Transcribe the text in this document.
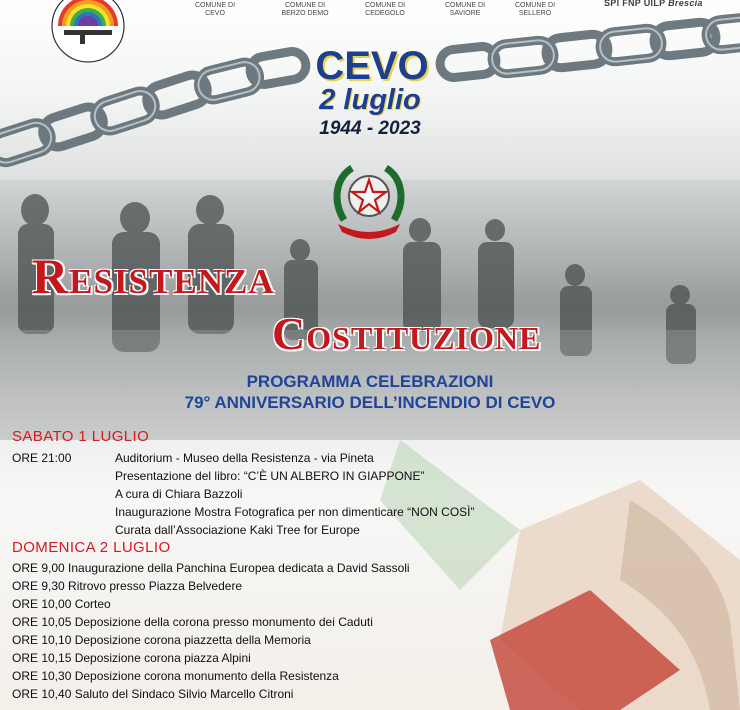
COMUNE DI
CEVO
COMUNE DI
BERZO DEMO
COMUNE DI
CEDEGOLO
COMUNE DI
SAVIORE
COMUNE DI
SELLERO
SPI FNP UILP Brescia
CEVO
2 luglio
1944 - 2023
Resistenza
Costituzione
PROGRAMMA CELEBRAZIONI
79° ANNIVERSARIO DELL’INCENDIO DI CEVO
SABATO 1 LUGLIO
ORE 21:00	Auditorium - Museo della Resistenza - via Pineta
Presentazione del libro: “C’È UN ALBERO IN GIAPPONE”
A cura di Chiara Bazzoli
Inaugurazione Mostra Fotografica per non dimenticare “NON COSÌ”
Curata dall’Associazione Kaki Tree for Europe
DOMENICA 2 LUGLIO
ORE 9,00 Inaugurazione della Panchina Europea dedicata a David Sassoli
ORE 9,30 Ritrovo presso Piazza Belvedere
ORE 10,00 Corteo
ORE 10,05 Deposizione della corona presso monumento dei Caduti
ORE 10,10 Deposizione corona piazzetta della Memoria
ORE 10,15 Deposizione corona piazza Alpini
ORE 10,30 Deposizione corona monumento della Resistenza
ORE 10,40 Saluto del Sindaco Silvio Marcello Citroni
